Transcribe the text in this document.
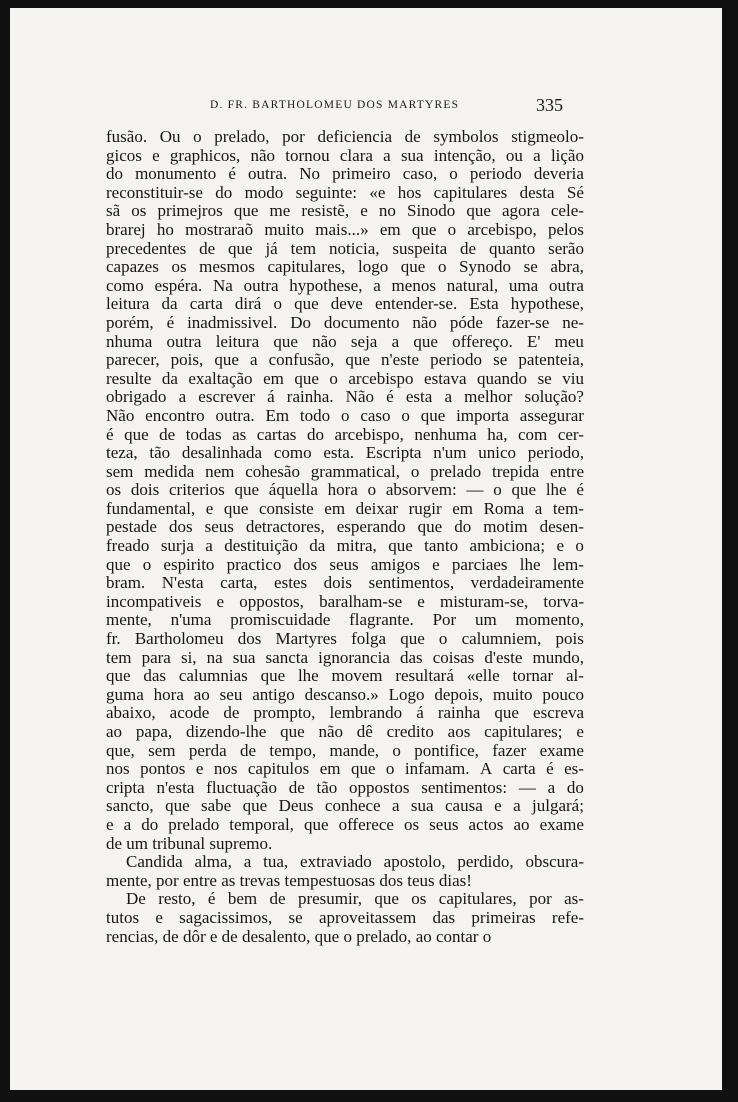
D. FR. BARTHOLOMEU DOS MARTYRES	335
fusão. Ou o prelado, por deficiencia de symbolos stigmeolo-
gicos e graphicos, não tornou clara a sua intenção, ou a lição
do monumento é outra. No primeiro caso, o periodo deveria
reconstituir-se do modo seguinte: «e hos capitulares desta Sé
sã os primejros que me resistẽ, e no Sinodo que agora cele-
brarej ho mostraraõ muito mais...» em que o arcebispo, pelos
precedentes de que já tem noticia, suspeita de quanto serão
capazes os mesmos capitulares, logo que o Synodo se abra,
como espéra. Na outra hypothese, a menos natural, uma outra
leitura da carta dirá o que deve entender-se. Esta hypothese,
porém, é inadmissivel. Do documento não póde fazer-se ne-
nhuma outra leitura que não seja a que offereço. E' meu
parecer, pois, que a confusão, que n'este periodo se patenteia,
resulte da exaltação em que o arcebispo estava quando se viu
obrigado a escrever á rainha. Não é esta a melhor solução?
Não encontro outra. Em todo o caso o que importa assegurar
é que de todas as cartas do arcebispo, nenhuma ha, com cer-
teza, tão desalinhada como esta. Escripta n'um unico periodo,
sem medida nem cohesão grammatical, o prelado trepida entre
os dois criterios que áquella hora o absorvem: — o que lhe é
fundamental, e que consiste em deixar rugir em Roma a tem-
pestade dos seus detractores, esperando que do motim desen-
freado surja a destituição da mitra, que tanto ambiciona; e o
que o espirito practico dos seus amigos e parciaes lhe lem-
bram. N'esta carta, estes dois sentimentos, verdadeiramente
incompativeis e oppostos, baralham-se e misturam-se, torva-
mente, n'uma promiscuidade flagrante. Por um momento,
fr. Bartholomeu dos Martyres folga que o calumniem, pois
tem para si, na sua sancta ignorancia das coisas d'este mundo,
que das calumnias que lhe movem resultará «elle tornar al-
guma hora ao seu antigo descanso.» Logo depois, muito pouco
abaixo, acode de prompto, lembrando á rainha que escreva
ao papa, dizendo-lhe que não dê credito aos capitulares; e
que, sem perda de tempo, mande, o pontifice, fazer exame
nos pontos e nos capitulos em que o infamam. A carta é es-
cripta n'esta fluctuação de tão oppostos sentimentos: — a do
sancto, que sabe que Deus conhece a sua causa e a julgará;
e a do prelado temporal, que offerece os seus actos ao exame
de um tribunal supremo.
Candida alma, a tua, extraviado apostolo, perdido, obscura-
mente, por entre as trevas tempestuosas dos teus dias!
De resto, é bem de presumir, que os capitulares, por as-
tutos e sagacissimos, se aproveitassem das primeiras refe-
rencias, de dôr e de desalento, que o prelado, ao contar o
